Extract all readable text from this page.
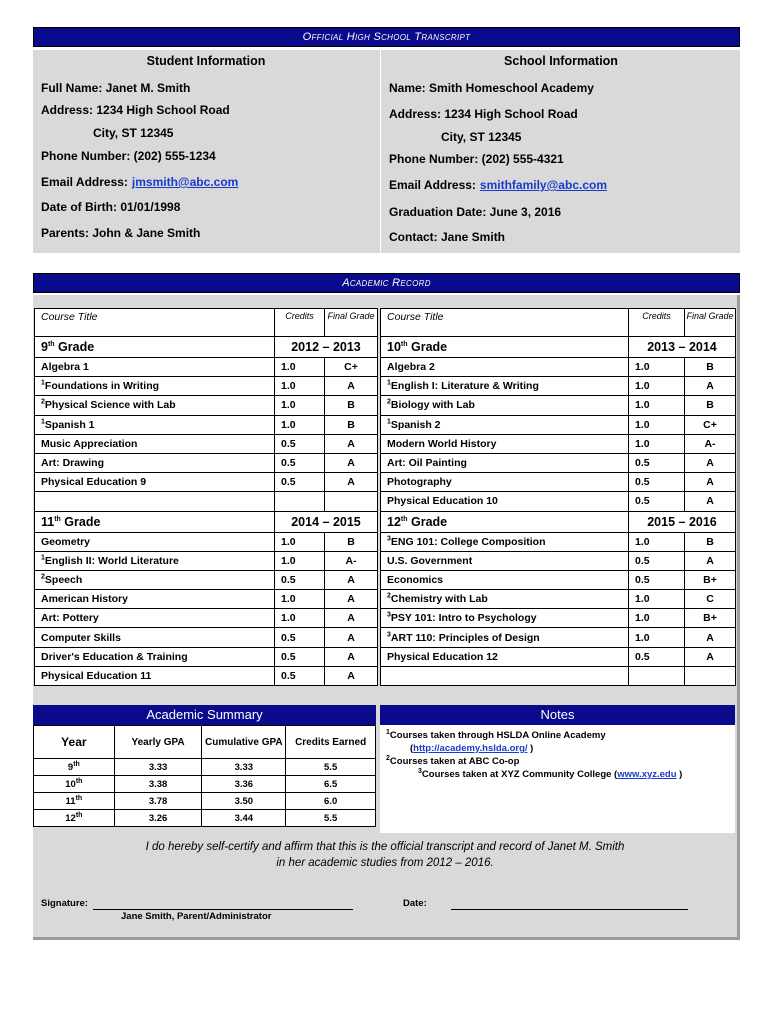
Official High School Transcript
Student Information
Full Name: Janet M. Smith
Address: 1234 High School Road
City, ST 12345
Phone Number: (202) 555-1234
Email Address: jmsmith@abc.com
Date of Birth: 01/01/1998
Parents: John & Jane Smith
School Information
Name: Smith Homeschool Academy
Address: 1234 High School Road
City, ST 12345
Phone Number: (202) 555-4321
Email Address: smithfamily@abc.com
Graduation Date: June 3, 2016
Contact: Jane Smith
Academic Record
Course Title	Credits	Final Grade
9th Grade	2012 – 2013	
Algebra 1	1.0	C+
$^1$Foundations in Writing	1.0	A
$^2$Physical Science with Lab	1.0	B
$^1$Spanish 1	1.0	B
Music Appreciation	0.5	A
Art: Drawing	0.5	A
Physical Education 9	0.5	A

11th Grade	2014 – 2015	
Geometry	1.0	B
$^1$English II: World Literature	1.0	A-
$^2$Speech	0.5	A
American History	1.0	A
Art: Pottery	1.0	A
Computer Skills	0.5	A
Driver's Education & Training	0.5	A
Physical Education 11	0.5	A
Course Title	Credits	Final Grade
10th Grade	2013 – 2014	
Algebra 2	1.0	B
$^1$English I: Literature & Writing	1.0	A
$^2$Biology with Lab	1.0	B
$^1$Spanish 2	1.0	C+
Modern World History	1.0	A-
Art: Oil Painting	0.5	A
Photography	0.5	A
Physical Education 10	0.5	A
12th Grade	2015 – 2016	
$^3$ENG 101: College Composition	1.0	B
U.S. Government	0.5	A
Economics	0.5	B+
$^2$Chemistry with Lab	1.0	C
$^3$PSY 101: Intro to Psychology	1.0	B+
$^3$ART 110: Principles of Design	1.0	A
Physical Education 12	0.5	A

Academic Summary
Year	Yearly GPA	Cumulative GPA	Credits Earned
9th	3.33	3.33	5.5
10th	3.38	3.36	6.5
11th	3.78	3.50	6.0
12th	3.26	3.44	5.5
Notes
$^1$Courses taken through HSLDA Online Academy
(http://academy.hslda.org/ )
$^2$Courses taken at ABC Co-op
$^3$Courses taken at XYZ Community College (www.xyz.edu )
I do hereby self-certify and affirm that this is the official transcript and record of Janet M. Smith
in her academic studies from 2012 – 2016.
Signature:
Jane Smith, Parent/Administrator
Date:
